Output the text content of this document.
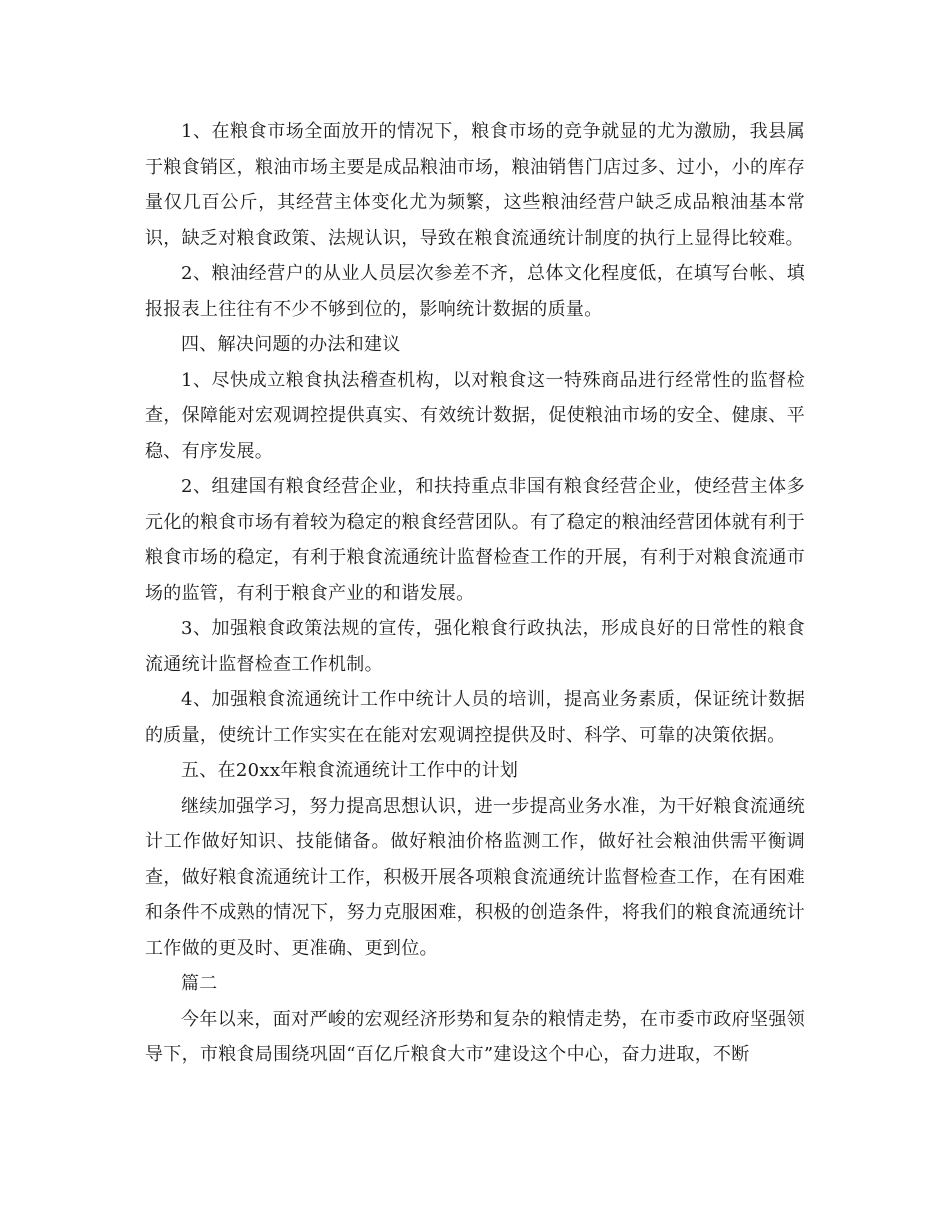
1、在粮食市场全面放开的情况下，粮食市场的竞争就显的尤为激励，我县属于粮食销区，粮油市场主要是成品粮油市场，粮油销售门店过多、过小，小的库存量仅几百公斤，其经营主体变化尤为频繁，这些粮油经营户缺乏成品粮油基本常识，缺乏对粮食政策、法规认识，导致在粮食流通统计制度的执行上显得比较难。

2、粮油经营户的从业人员层次参差不齐，总体文化程度低，在填写台帐、填报报表上往往有不少不够到位的，影响统计数据的质量。

四、解决问题的办法和建议

1、尽快成立粮食执法稽查机构，以对粮食这一特殊商品进行经常性的监督检查，保障能对宏观调控提供真实、有效统计数据，促使粮油市场的安全、健康、平稳、有序发展。

2、组建国有粮食经营企业，和扶持重点非国有粮食经营企业，使经营主体多元化的粮食市场有着较为稳定的粮食经营团队。有了稳定的粮油经营团体就有利于粮食市场的稳定，有利于粮食流通统计监督检查工作的开展，有利于对粮食流通市场的监管，有利于粮食产业的和谐发展。

3、加强粮食政策法规的宣传，强化粮食行政执法，形成良好的日常性的粮食流通统计监督检查工作机制。

4、加强粮食流通统计工作中统计人员的培训，提高业务素质，保证统计数据的质量，使统计工作实实在在能对宏观调控提供及时、科学、可靠的决策依据。

五、在20xx年粮食流通统计工作中的计划

继续加强学习，努力提高思想认识，进一步提高业务水准，为干好粮食流通统计工作做好知识、技能储备。做好粮油价格监测工作，做好社会粮油供需平衡调查，做好粮食流通统计工作，积极开展各项粮食流通统计监督检查工作，在有困难和条件不成熟的情况下，努力克服困难，积极的创造条件，将我们的粮食流通统计工作做的更及时、更准确、更到位。

篇二

今年以来，面对严峻的宏观经济形势和复杂的粮情走势，在市委市政府坚强领导下，市粮食局围绕巩固“百亿斤粮食大市”建设这个中心，奋力进取，不断
